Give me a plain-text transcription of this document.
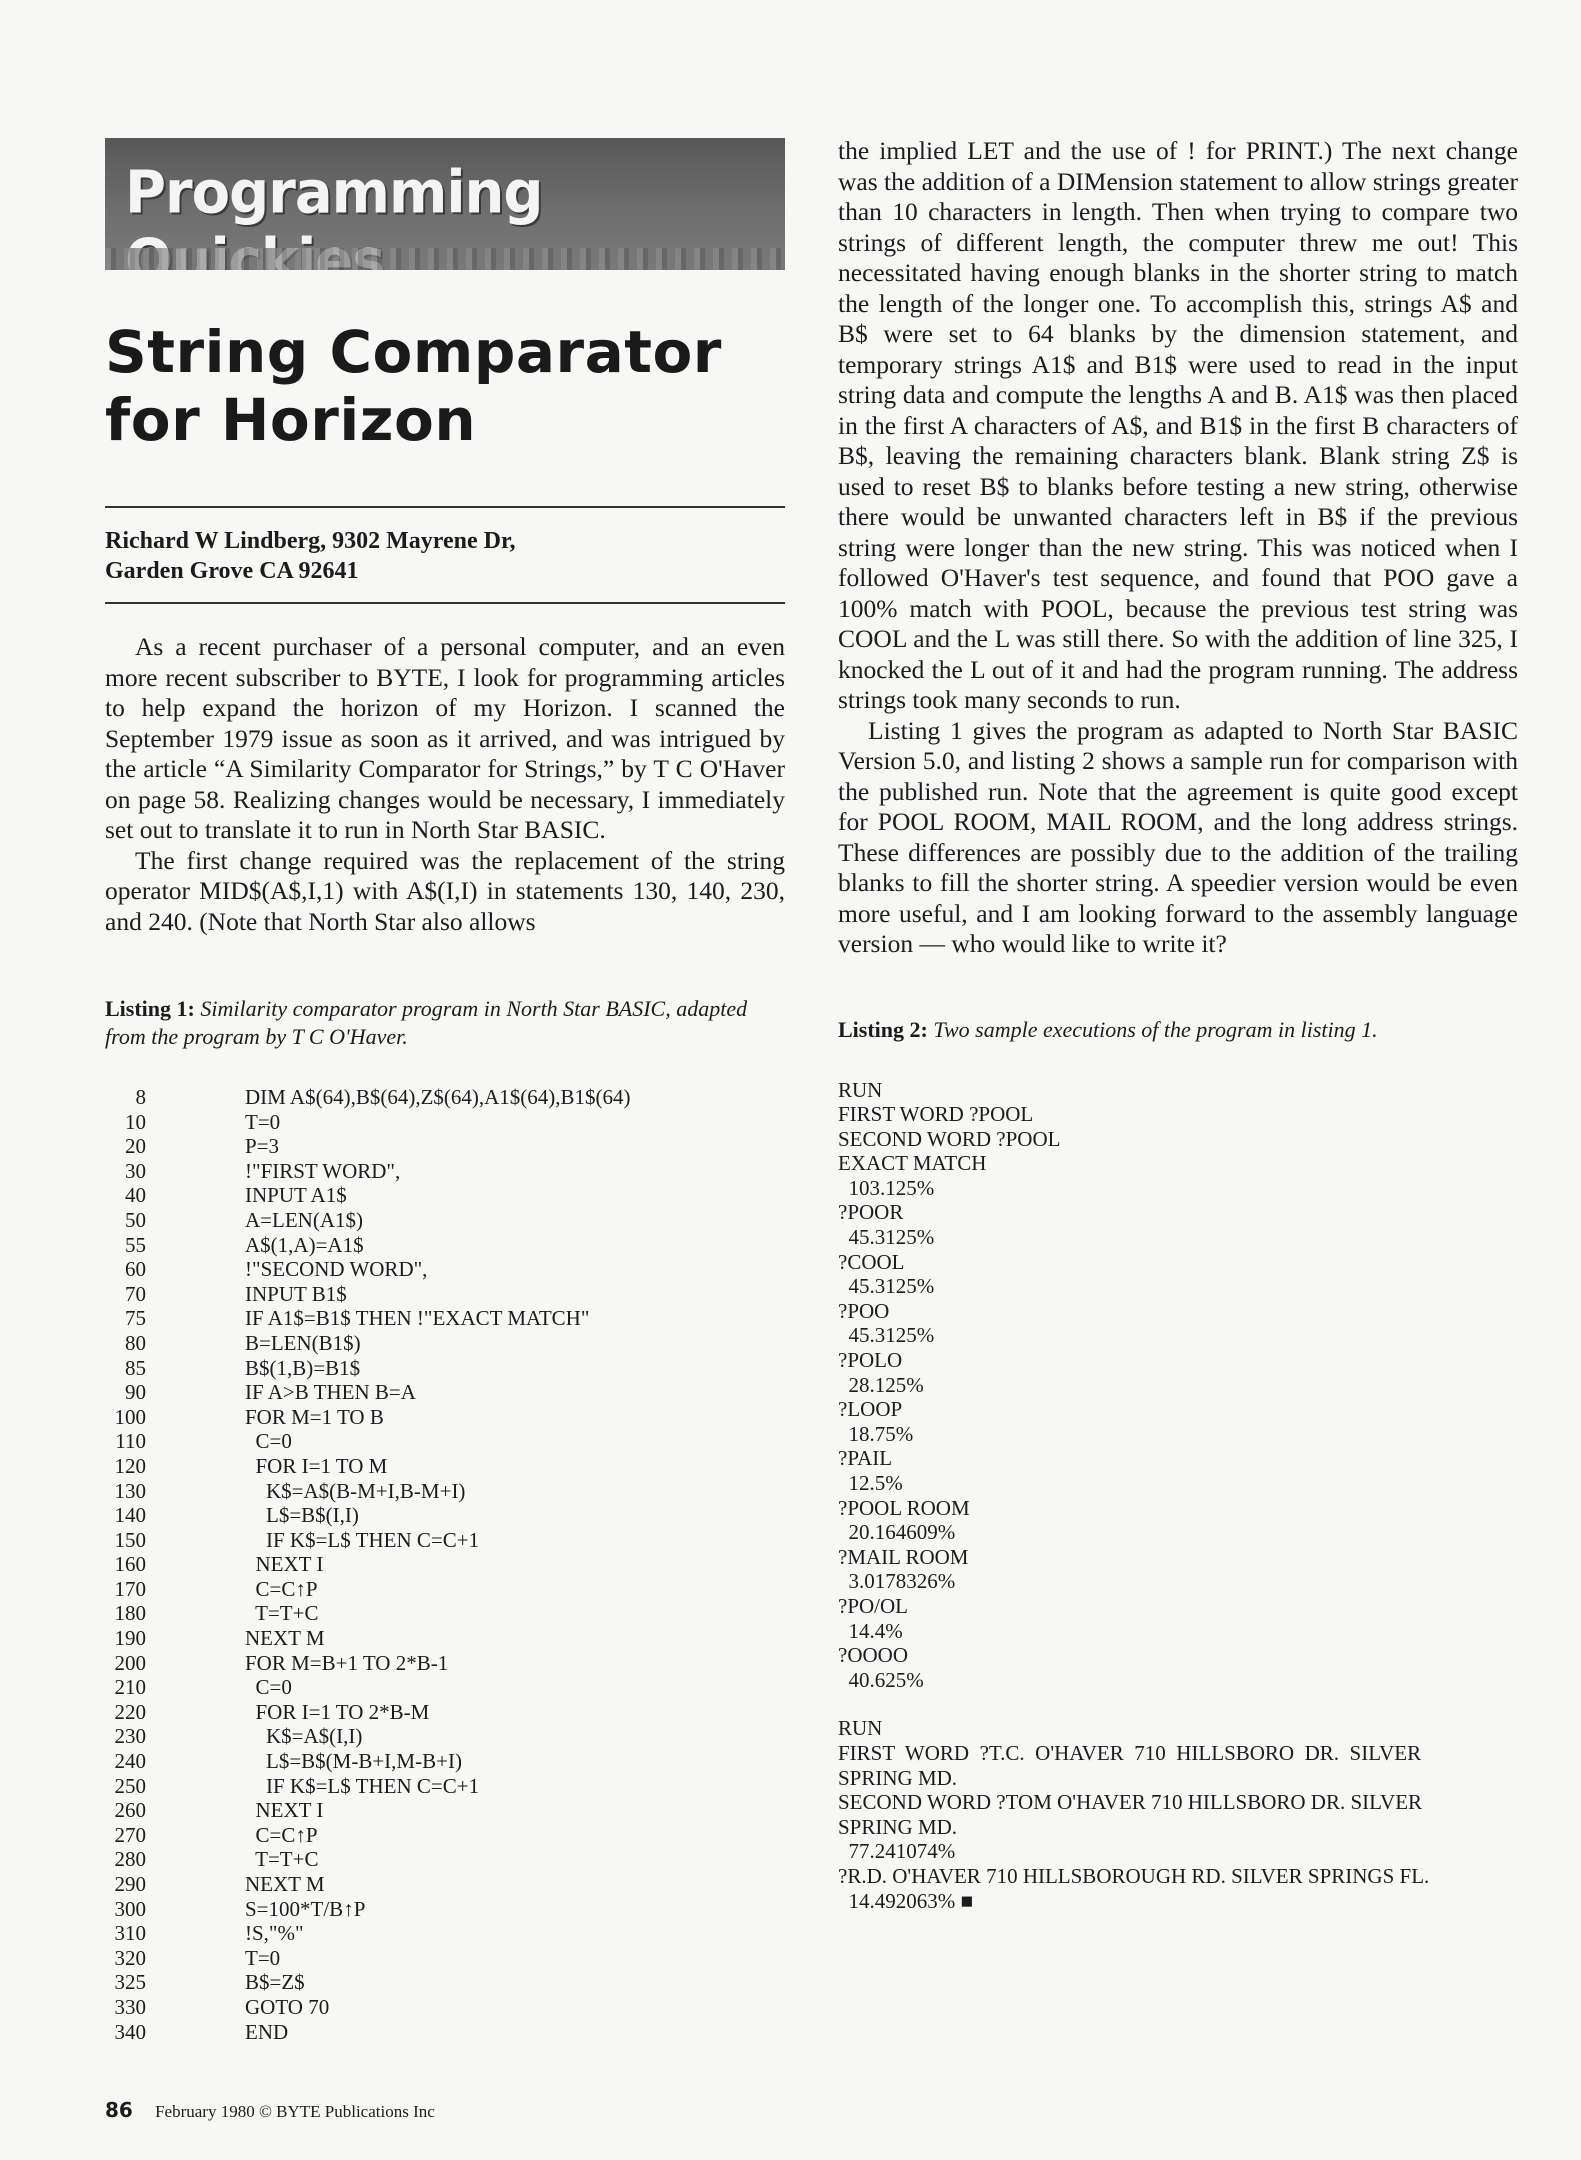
Programming
String Comparator
for Horizon
Richard W Lindberg, 9302 Mayrene Dr,
Garden Grove CA 92641

As a recent purchaser of a personal computer, and an even more recent subscriber to BYTE, I look for programming articles to help expand the horizon of my Horizon. I scanned the September 1979 issue as soon as it arrived, and was intrigued by the article “A Similarity Comparator for Strings,” by T C O'Haver on page 58. Realizing changes would be necessary, I immediately set out to translate it to run in North Star BASIC.

The first change required was the replacement of the string operator MID$(A$,I,1) with A$(I,I) in statements 130, 140, 230, and 240. (Note that North Star also allows

Listing 1: Similarity comparator program in North Star BASIC, adapted from the program by T C O'Haver.
8	DIM A$(64),B$(64),Z$(64),A1$(64),B1$(64)
10	T=0
20	P=3
30	!"FIRST WORD",
40	INPUT A1$
50	A=LEN(A1$)
55	A$(1,A)=A1$
60	!"SECOND WORD",
70	INPUT B1$
75	IF A1$=B1$ THEN !"EXACT MATCH"
80	B=LEN(B1$)
85	B$(1,B)=B1$
90	IF A>B THEN B=A
100	FOR M=1 TO B
110	C=0
120	FOR I=1 TO M
130	K$=A$(B-M+I,B-M+I)
140	L$=B$(I,I)
150	IF K$=L$ THEN C=C+1
160	NEXT I
170	C=C↑P
180	T=T+C
190	NEXT M
200	FOR M=B+1 TO 2*B-1
210	C=0
220	FOR I=1 TO 2*B-M
230	K$=A$(I,I)
240	L$=B$(M-B+I,M-B+I)
250	IF K$=L$ THEN C=C+1
260	NEXT I
270	C=C↑P
280	T=T+C
290	NEXT M
300	S=100*T/B↑P
310	!S,"%"
320	T=0
325	B$=Z$
330	GOTO 70
340	END

the implied LET and the use of ! for PRINT.) The next change was the addition of a DIMension statement to allow strings greater than 10 characters in length. Then when trying to compare two strings of different length, the computer threw me out! This necessitated having enough blanks in the shorter string to match the length of the longer one. To accomplish this, strings A$ and B$ were set to 64 blanks by the dimension statement, and temporary strings A1$ and B1$ were used to read in the input string data and compute the lengths A and B. A1$ was then placed in the first A characters of A$, and B1$ in the first B characters of B$, leaving the remaining characters blank. Blank string Z$ is used to reset B$ to blanks before testing a new string, otherwise there would be unwanted characters left in B$ if the previous string were longer than the new string. This was noticed when I followed O'Haver's test sequence, and found that POO gave a 100% match with POOL, because the previous test string was COOL and the L was still there. So with the addition of line 325, I knocked the L out of it and had the program running. The address strings took many seconds to run.

Listing 1 gives the program as adapted to North Star BASIC Version 5.0, and listing 2 shows a sample run for comparison with the published run. Note that the agreement is quite good except for POOL ROOM, MAIL ROOM, and the long address strings. These differences are possibly due to the addition of the trailing blanks to fill the shorter string. A speedier version would be even more useful, and I am looking forward to the assembly language version — who would like to write it?

Listing 2: Two sample executions of the program in listing 1.
RUN
FIRST WORD ?POOL
SECOND WORD ?POOL
EXACT MATCH
103.125%
?POOR
45.3125%
?COOL
45.3125%
?POO
45.3125%
?POLO
28.125%
?LOOP
18.75%
?PAIL
12.5%
?POOL ROOM
20.164609%
?MAIL ROOM
3.0178326%
?PO/OL
14.4%
?OOOO
40.625%
RUN
FIRST  WORD  ?T.C.  O'HAVER  710  HILLSBORO  DR.  SILVER
SPRING MD.
SECOND WORD ?TOM O'HAVER 710 HILLSBORO DR. SILVER
SPRING MD.
77.241074%
?R.D. O'HAVER 710 HILLSBOROUGH RD. SILVER SPRINGS FL.
14.492063% ■
86 February 1980 © BYTE Publications Inc
